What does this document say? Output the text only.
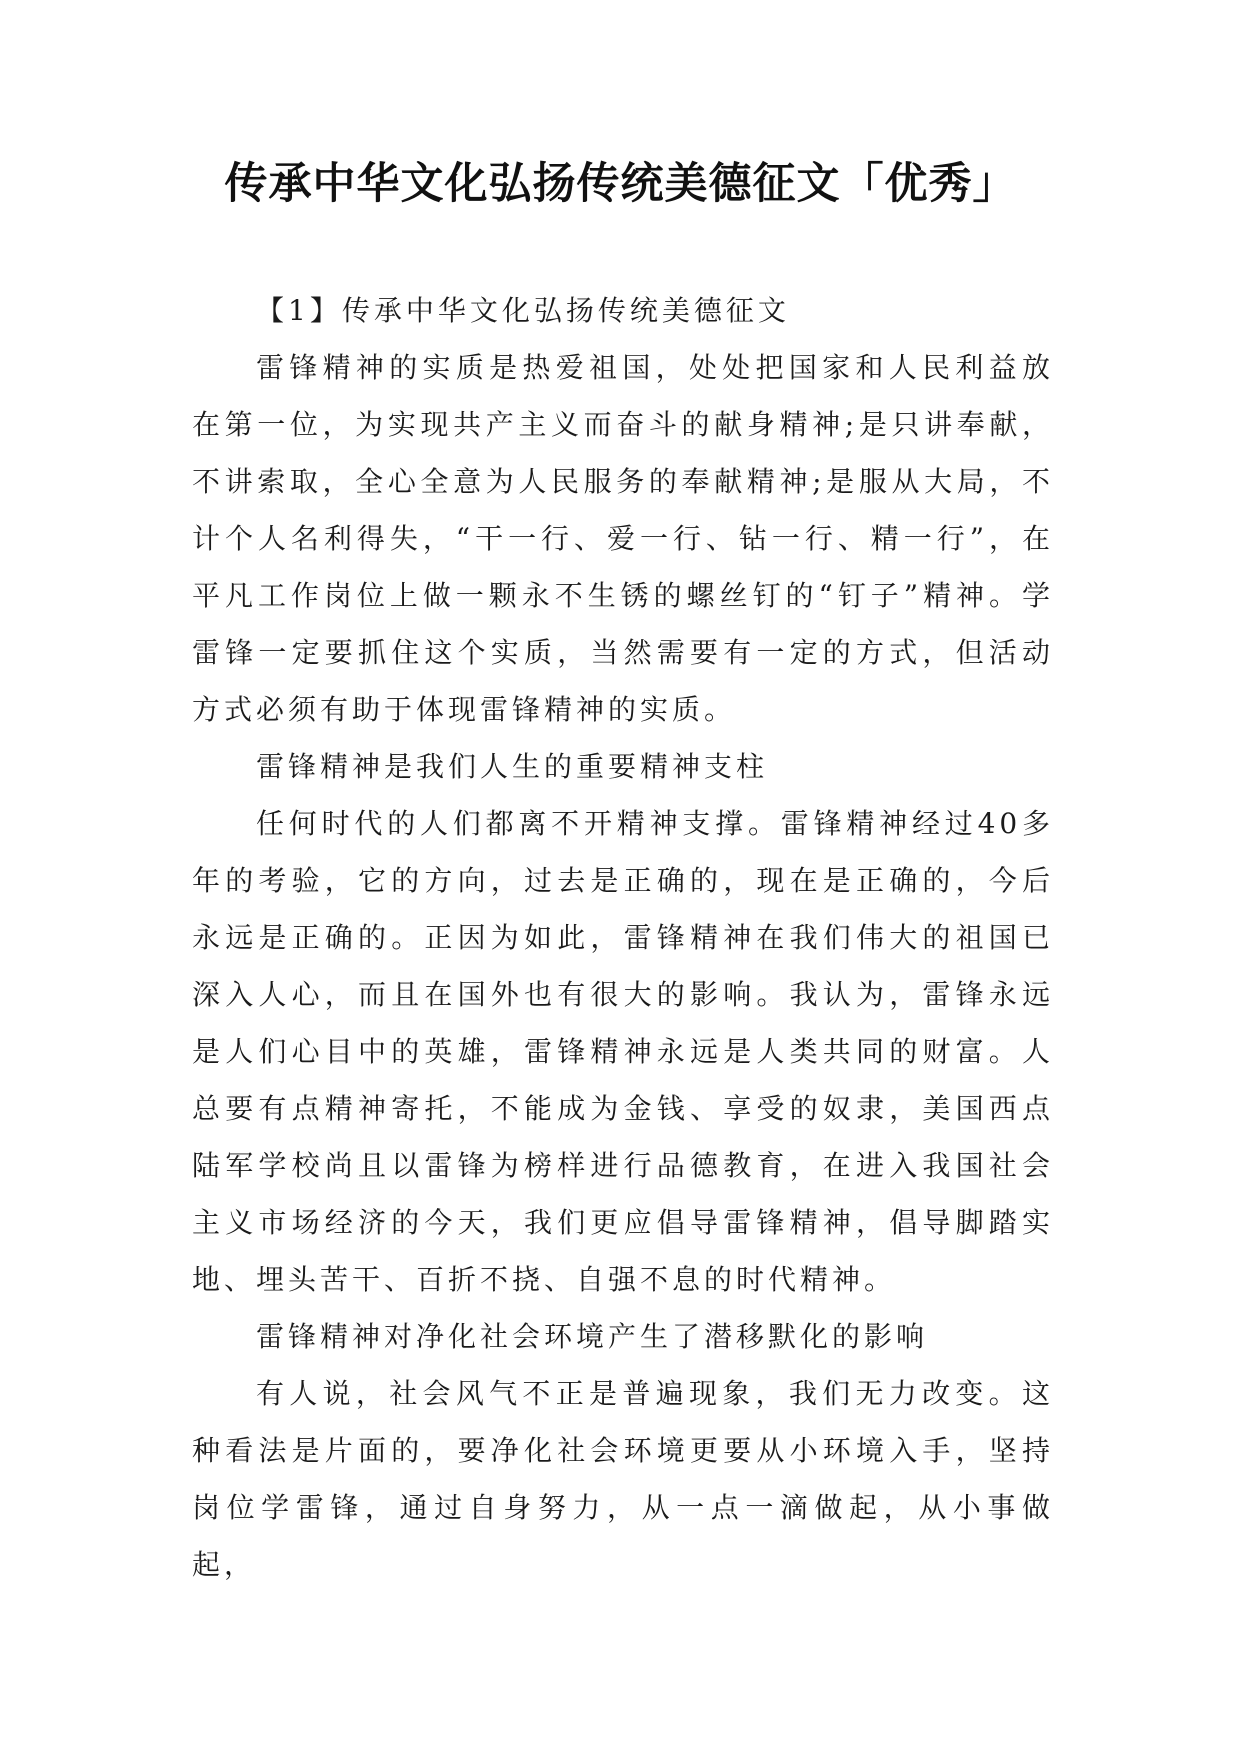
传承中华文化弘扬传统美德征文「优秀」

【1】传承中华文化弘扬传统美德征文

雷锋精神的实质是热爱祖国，处处把国家和人民利益放在第一位，为实现共产主义而奋斗的献身精神;是只讲奉献，不讲索取，全心全意为人民服务的奉献精神;是服从大局，不计个人名利得失，“干一行、爱一行、钻一行、精一行”，在平凡工作岗位上做一颗永不生锈的螺丝钉的“钉子”精神。学雷锋一定要抓住这个实质，当然需要有一定的方式，但活动方式必须有助于体现雷锋精神的实质。

雷锋精神是我们人生的重要精神支柱

任何时代的人们都离不开精神支撑。雷锋精神经过40多年的考验，它的方向，过去是正确的，现在是正确的，今后永远是正确的。正因为如此，雷锋精神在我们伟大的祖国已深入人心，而且在国外也有很大的影响。我认为，雷锋永远是人们心目中的英雄，雷锋精神永远是人类共同的财富。人总要有点精神寄托，不能成为金钱、享受的奴隶，美国西点陆军学校尚且以雷锋为榜样进行品德教育，在进入我国社会主义市场经济的今天，我们更应倡导雷锋精神，倡导脚踏实地、埋头苦干、百折不挠、自强不息的时代精神。

雷锋精神对净化社会环境产生了潜移默化的影响

有人说，社会风气不正是普遍现象，我们无力改变。这种看法是片面的，要净化社会环境更要从小环境入手，坚持岗位学雷锋，通过自身努力，从一点一滴做起，从小事做起，
